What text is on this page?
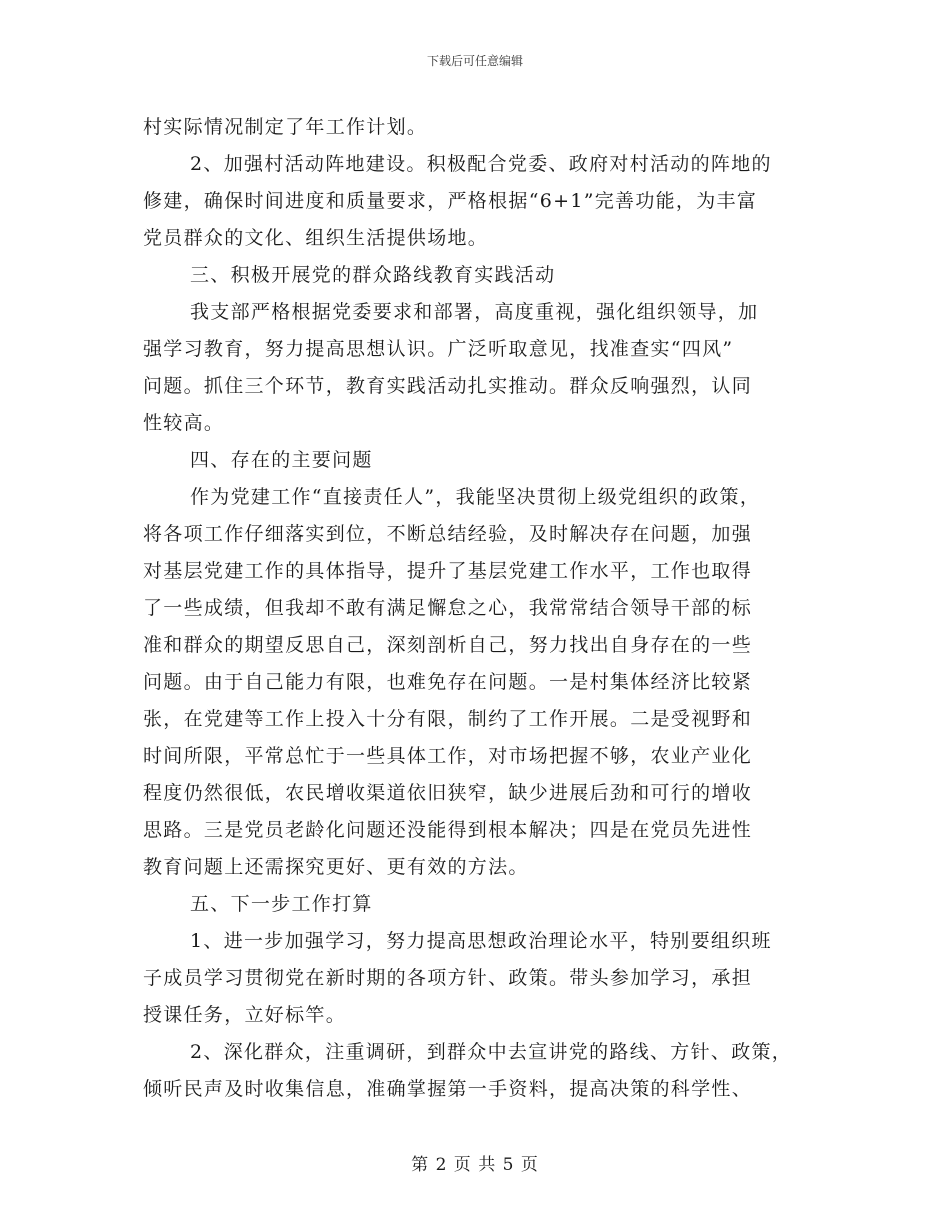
下载后可任意编辑
村实际情况制定了年工作计划。
2、加强村活动阵地建设。积极配合党委、政府对村活动的阵地的
修建，确保时间进度和质量要求，严格根据“6+1”完善功能，为丰富
党员群众的文化、组织生活提供场地。
三、积极开展党的群众路线教育实践活动
我支部严格根据党委要求和部署，高度重视，强化组织领导，加
强学习教育，努力提高思想认识。广泛听取意见，找准查实“四风”
问题。抓住三个环节，教育实践活动扎实推动。群众反响强烈，认同
性较高。
四、存在的主要问题
作为党建工作“直接责任人”，我能坚决贯彻上级党组织的政策，
将各项工作仔细落实到位，不断总结经验，及时解决存在问题，加强
对基层党建工作的具体指导，提升了基层党建工作水平，工作也取得
了一些成绩，但我却不敢有满足懈怠之心，我常常结合领导干部的标
准和群众的期望反思自己，深刻剖析自己，努力找出自身存在的一些
问题。由于自己能力有限，也难免存在问题。一是村集体经济比较紧
张，在党建等工作上投入十分有限，制约了工作开展。二是受视野和
时间所限，平常总忙于一些具体工作，对市场把握不够，农业产业化
程度仍然很低，农民增收渠道依旧狭窄，缺少进展后劲和可行的增收
思路。三是党员老龄化问题还没能得到根本解决；四是在党员先进性
教育问题上还需探究更好、更有效的方法。
五、下一步工作打算
1、进一步加强学习，努力提高思想政治理论水平，特别要组织班
子成员学习贯彻党在新时期的各项方针、政策。带头参加学习，承担
授课任务，立好标竿。
2、深化群众，注重调研，到群众中去宣讲党的路线、方针、政策，
倾听民声及时收集信息，准确掌握第一手资料，提高决策的科学性、
第 2 页 共 5 页
